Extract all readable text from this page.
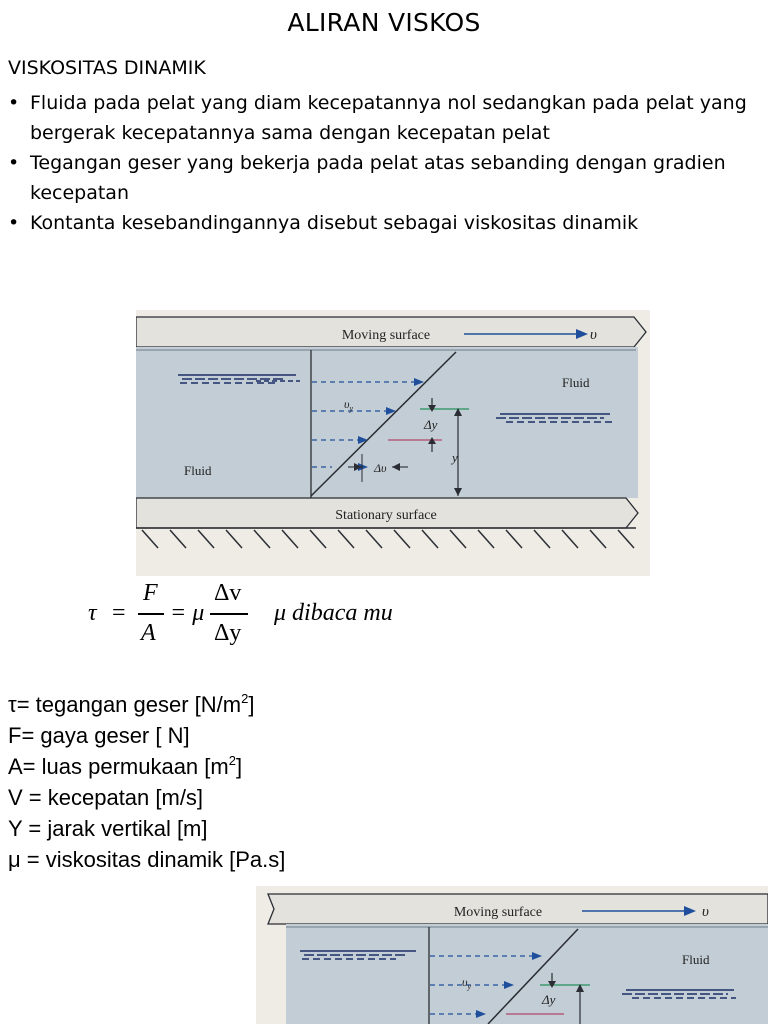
ALIRAN VISKOS
VISKOSITAS DINAMIK
• Fluida pada pelat yang diam kecepatannya nol sedangkan pada pelat yang bergerak kecepatannya sama dengan kecepatan pelat
• Tegangan geser yang bekerja pada pelat atas sebanding dengan gradien kecepatan
• Kontanta kesebandingannya disebut sebagai viskositas dinamik
Moving surface	υ
Stationary surface
$\upsilon_y$
Δy
y
Δυ
Fluid
Fluid
τ =
F
A
= μ
Δv
Δy
μ dibaca mu
τ= tegangan geser $[N/m^2]$
F= gaya geser [ N]
A= luas permukaan $[m^2]$
V = kecepatan [m/s]
Y = jarak vertikal [m]
μ = viskositas dinamik [Pa.s]
Moving surface	υ
$\upsilon_y$
Δy
Fluid
